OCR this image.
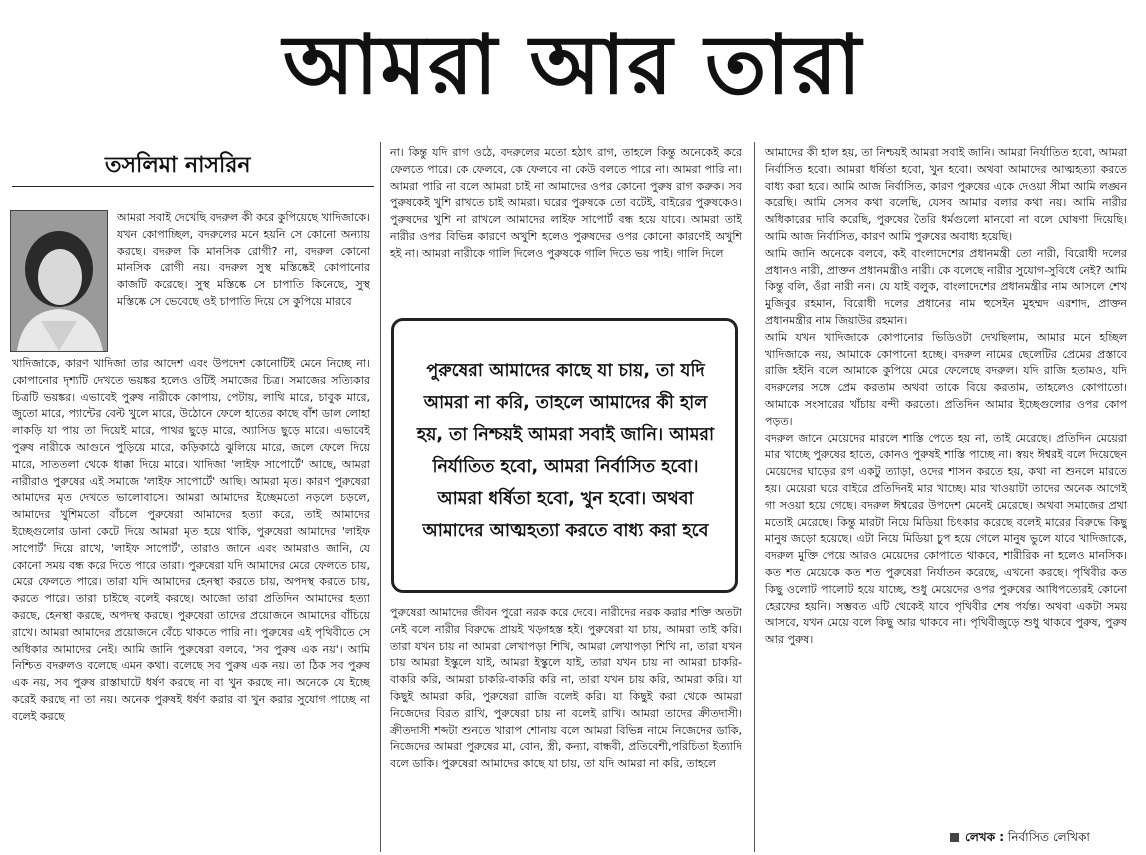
আমরা আর তারা
তসলিমা নাসরিন

আমরা সবাই দেখেছি বদরুল কী করে কুপিয়েছে খাদিজাকে। যখন কোপাচ্ছিল, বদরুলের মনে হয়নি সে কোনো অন্যায় করছে। বদরুল কি মানসিক রোগী? না, বদরুল কোনো মানসিক রোগী নয়। বদরুল সুস্থ মস্তিষ্কেই কোপানোর কাজটি করেছে। সুস্থ মস্তিষ্কে সে চাপাতি কিনেছে, সুস্থ মস্তিষ্কে সে ভেবেছে ওই চাপাতি দিয়ে সে কুপিয়ে মারবে

খাদিজাকে, কারণ খাদিজা তার আদেশ এবং উপদেশ কোনোটিই মেনে নিচ্ছে না। কোপানোর দৃশ্যটি দেখতে ভয়ঙ্কর হলেও ওটিই সমাজের চিত্র। সমাজের সত্যিকার চিত্রটি ভয়ঙ্কর। এভাবেই পুরুষ নারীকে কোপায়, পেটায়, লাথি মারে, চাবুক মারে, জুতো মারে, প্যান্টের বেল্ট খুলে মারে, উঠোনে ফেলে হাতের কাছে বাঁশ ডাল লোহা লাকড়ি যা পায় তা দিয়েই মারে, পাথর ছুড়ে মারে, অ্যাসিড ছুড়ে মারে। এভাবেই পুরুষ নারীকে আগুনে পুড়িয়ে মারে, কড়িকাঠে ঝুলিয়ে মারে, জলে ফেলে দিয়ে মারে, সাততলা থেকে ধাক্কা দিয়ে মারে। খাদিজা 'লাইফ সাপোর্টে' আছে, আমরা নারীরাও পুরুষের এই সমাজে 'লাইফ সাপোর্টে' আছি। আমরা মৃত। কারণ পুরুষেরা আমাদের মৃত দেখতে ভালোবাসে। আমরা আমাদের ইচ্ছেমতো নড়লে চড়লে, আমাদের খুশিমতো বাঁচলে পুরুষেরা আমাদের হত্যা করে, তাই আমাদের ইচ্ছেগুলোর ডানা কেটে দিয়ে আমরা মৃত হয়ে থাকি, পুরুষেরা আমাদের 'লাইফ সাপোর্ট' দিয়ে রাখে, 'লাইফ সাপোর্ট', তারাও জানে এবং আমরাও জানি, যে কোনো সময় বন্ধ করে দিতে পারে তারা। পুরুষেরা যদি আমাদের মেরে ফেলতে চায়, মেরে ফেলতে পারে। তারা যদি আমাদের হেনস্থা করতে চায়, অপদস্থ করতে চায়, করতে পারে। তারা চাইছে বলেই করছে। আজো তারা প্রতিদিন আমাদের হত্যা করছে, হেনস্থা করছে, অপদস্থ করছে। পুরুষেরা তাদের প্রয়োজনে আমাদের বাঁচিয়ে রাখে। আমরা আমাদের প্রয়োজনে বেঁচে থাকতে পারি না। পুরুষের এই পৃথিবীতে সে অধিকার আমাদের নেই। আমি জানি পুরুষেরা বলবে, 'সব পুরুষ এক নয়'। আমি নিশ্চিত বদরুলও বলেছে এমন কথা। বলেছে সব পুরুষ এক নয়। তা ঠিক সব পুরুষ এক নয়, সব পুরুষ রাস্তাঘাটে ধর্ষণ করছে না বা খুন করছে না। অনেকে যে ইচ্ছে করেই করছে না তা নয়। অনেক পুরুষই ধর্ষণ করার বা খুন করার সুযোগ পাচ্ছে না বলেই করছে

না। কিন্তু যদি রাগ ওঠে, বদরুলের মতো হঠাৎ রাগ, তাহলে কিন্তু অনেকেই করে ফেলতে পারে। কে ফেলবে, কে ফেলবে না কেউ বলতে পারে না। আমরা পারি না। আমরা পারি না বলে আমরা চাই না আমাদের ওপর কোনো পুরুষ রাগ করুক। সব পুরুষকেই খুশি রাখতে চাই আমরা। ঘরের পুরুষকে তো বটেই, বাইরের পুরুষকেও। পুরুষদের খুশি না রাখলে আমাদের লাইফ সাপোর্ট বন্ধ হয়ে যাবে। আমরা তাই নারীর ওপর বিভিন্ন কারণে অখুশি হলেও পুরুষদের ওপর কোনো কারণেই অখুশি হই না। আমরা নারীকে গালি দিলেও পুরুষকে গালি দিতে ভয় পাই। গালি দিলে

পুরুষেরা আমাদের কাছে যা চায়, তা যদি আমরা না করি, তাহলে আমাদের কী হাল হয়, তা নিশ্চয়ই আমরা সবাই জানি। আমরা নির্যাতিত হবো, আমরা নির্বাসিত হবো। আমরা ধর্ষিতা হবো, খুন হবো। অথবা আমাদের আত্মহত্যা করতে বাধ্য করা হবে

পুরুষেরা আমাদের জীবন পুরো নরক করে দেবে। নারীদের নরক করার শক্তি অতটা নেই বলে নারীর বিরুদ্ধে প্রায়ই খড়্গহস্ত হই। পুরুষেরা যা চায়, আমরা তাই করি। তারা যখন চায় না আমরা লেখাপড়া শিখি, আমরা লেখাপড়া শিখি না, তারা যখন চায় আমরা ইস্কুলে যাই, আমরা ইস্কুলে যাই, তারা যখন চায় না আমরা চাকরি-বাকরি করি, আমরা চাকরি-বাকরি করি না, তারা যখন চায় করি, আমরা করি। যা কিছুই আমরা করি, পুরুষেরা রাজি বলেই করি। যা কিছুই করা থেকে আমরা নিজেদের বিরত রাখি, পুরুষেরা চায় না বলেই রাখি। আমরা তাদের ক্রীতদাসী। ক্রীতদাসী শব্দটা শুনতে খারাপ শোনায় বলে আমরা বিভিন্ন নামে নিজেদের ডাকি, নিজেদের আমরা পুরুষের মা, বোন, স্ত্রী, কন্যা, বান্ধবী, প্রতিবেশী,পরিচিতা ইত্যাদি বলে ডাকি। পুরুষেরা আমাদের কাছে যা চায়, তা যদি আমরা না করি, তাহলে

আমাদের কী হাল হয়, তা নিশ্চয়ই আমরা সবাই জানি। আমরা নির্যাতিত হবো, আমরা নির্বাসিত হবো। আমরা ধর্ষিতা হবো, খুন হবো। অথবা আমাদের আত্মহত্যা করতে বাধ্য করা হবে। আমি আজ নির্বাসিত, কারণ পুরুষের একে দেওয়া সীমা আমি লঙ্ঘন করেছি। আমি সেসব কথা বলেছি, যেসব আমার বলার কথা নয়। আমি নারীর অধিকারের দাবি করেছি, পুরুষের তৈরি ধর্মগুলো মানবো না বলে ঘোষণা দিয়েছি। আমি আজ নির্বাসিত, কারণ আমি পুরুষের অবাধ্য হয়েছি।

আমি জানি অনেকে বলবে, কই বাংলাদেশের প্রধানমন্ত্রী তো নারী, বিরোধী দলের প্রধানও নারী, প্রাক্তন প্রধানমন্ত্রীও নারী। কে বলেছে নারীর সুযোগ-সুবিধে নেই? আমি কিন্তু বলি, ওঁরা নারী নন। যে যাই বলুক, বাংলাদেশের প্রধানমন্ত্রীর নাম আসলে শেখ মুজিবুর রহমান, বিরোধী দলের প্রধানের নাম হুসেইন মুহম্মদ এরশাদ, প্রাক্তন প্রধানমন্ত্রীর নাম জিয়াউর রহমান।

আমি যখন খাদিজাকে কোপানোর ভিডিওটা দেখছিলাম, আমার মনে হচ্ছিল খাদিজাকে নয়, আমাকে কোপানো হচ্ছে। বদরুল নামের ছেলেটির প্রেমের প্রস্তাবে রাজি হইনি বলে আমাকে কুপিয়ে মেরে ফেলেছে বদরুল। যদি রাজি হতামও, যদি বদরুলের সঙ্গে প্রেম করতাম অথবা তাকে বিয়ে করতাম, তাহলেও কোপাতো। আমাকে সংসারের খাঁচায় বন্দী করতো। প্রতিদিন আমার ইচ্ছেগুলোর ওপর কোপ পড়ত।

বদরুল জানে মেয়েদের মারলে শাস্তি পেতে হয় না, তাই মেরেছে। প্রতিদিন মেয়েরা মার খাচ্ছে পুরুষের হাতে, কোনও পুরুষই শাস্তি পাচ্ছে না। স্বয়ং ঈশ্বরই বলে দিয়েছেন মেয়েদের ঘাড়ের রগ একটু ত্যাড়া, ওদের শাসন করতে হয়, কথা না শুনলে মারতে হয়। মেয়েরা ঘরে বাইরে প্রতিদিনই মার খাচ্ছে। মার খাওয়াটা তাদের অনেক আগেই গা সওয়া হয়ে গেছে। বদরুল ঈশ্বরের উপদেশ মেনেই মেরেছে। অথবা সমাজের প্রথা মতোই মেরেছে। কিন্তু মারটা নিয়ে মিডিয়া চিৎকার করেছে বলেই মারের বিরুদ্ধে কিছু মানুষ জড়ো হয়েছে। এটা নিয়ে মিডিয়া চুপ হয়ে গেলে মানুষ ভুলে যাবে খাদিজাকে, বদরুল মুক্তি পেয়ে আরও মেয়েদের কোপাতে থাকবে, শারীরিক না হলেও মানসিক। কত শত মেয়েকে কত শত পুরুষেরা নির্যাতন করেছে, এখনো করছে। পৃথিবীর কত কিছু ওলোট পালোট হয়ে যাচ্ছে, শুধু মেয়েদের ওপর পুরুষের আধিপত্যেরই কোনো হেরফের হয়নি। সম্ভবত এটি থেকেই যাবে পৃথিবীর শেষ পর্যন্ত। অথবা একটা সময় আসবে, যখন মেয়ে বলে কিছু আর থাকবে না। পৃথিবীজুড়ে শুধু থাকবে পুরুষ, পুরুষ আর পুরুষ।

লেখক : নির্বাসিত লেখিকা
